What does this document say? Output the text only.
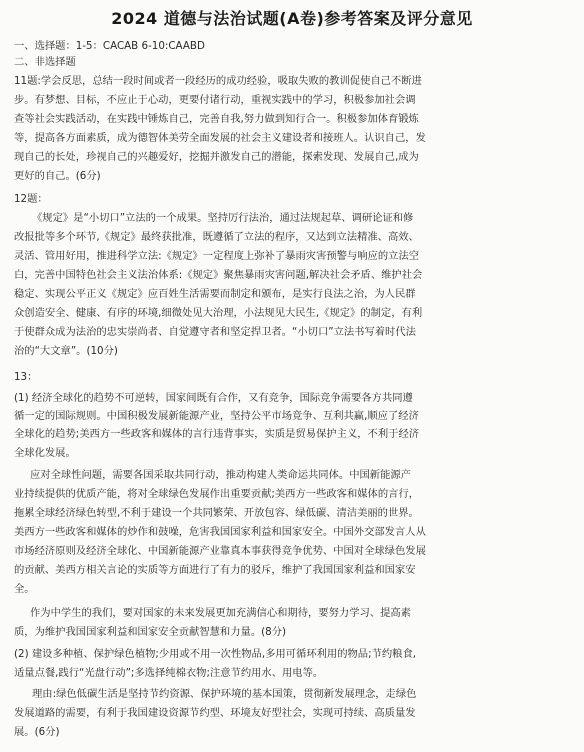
2024 道德与法治试题(A卷)参考答案及评分意见
一、选择题：1-5：CACAB 6-10:CAABD
二、非选择题
11题:学会反思，总结一段时间或者一段经历的成功经验，吸取失败的教训促使自己不断进
步。有梦想、目标，不应止于心动，更要付诸行动，重视实践中的学习，积极参加社会调
查等社会实践活动，在实践中锤炼自己，完善自我,努力做到知行合一。积极参加体育锻炼
等，提高各方面素质，成为德智体美劳全面发展的社会主义建设者和接班人。认识自己，发
现自己的长处，珍视自己的兴趣爱好，挖掘并激发自己的潜能，探索发现、发展自己,成为
更好的自己。(6分)
12题：
《规定》是“小切口”立法的一个成果。坚持厉行法治，通过法规起草、调研论证和修
改报批等多个环节,《规定》最终获批准，既遵循了立法的程序，又达到立法精准、高效、
灵活、管用好用，推进科学立法:《规定》一定程度上弥补了暴雨灾害预警与响应的立法空
白，完善中国特色社会主义法治体系:《规定》聚焦暴雨灾害问题,解决社会矛盾、维护社会
稳定、实现公平正义《规定》应百姓生活需要而制定和颁布，是实行良法之治，为人民群
众创造安全、健康、有序的环境,细微处见大治理，小法规见大民生,《规定》的制定，有利
于使群众成为法治的忠实崇尚者、自觉遵守者和坚定捍卫者。“小切口”立法书写着时代法
治的“大文章”。(10分)
13：
(1) 经济全球化的趋势不可逆转，国家间既有合作，又有竞争，国际竞争需要各方共同遵
循一定的国际规则。中国积极发展新能源产业，坚持公平市场竞争、互利共赢,顺应了经济
全球化的趋势;美西方一些政客和媒体的言行违背事实，实质是贸易保护主义，不利于经济
全球化发展。
应对全球性问题，需要各国采取共同行动，推动构建人类命运共同体。中国新能源产
业持续提供的优质产能，将对全球绿色发展作出重要贡献;美西方一些政客和媒体的言行，
拖累全球经济绿色转型,不利于建设一个共同繁荣、开放包容、绿低碳、清洁美丽的世界。
美西方一些政客和媒体的炒作和鼓噪，危害我国国家利益和国家安全。中国外交部发言人从
市场经济原则及经济全球化、中国新能源产业靠真本事获得竞争优势、中国对全球绿色发展
的贡献、美西方相关言论的实质等方面进行了有力的驳斥，维护了我国国家利益和国家安
全。
作为中学生的我们，要对国家的未来发展更加充满信心和期待，要努力学习、提高素
质，为维护我国国家利益和国家安全贡献智慧和力量。(8分)
(2) 建设多种植、保护绿色植物;少用或不用一次性物品,多用可循环利用的物品;节约粮食,
适量点餐,践行“光盘行动”;多选择纯棉衣物;注意节约用水、用电等。
理由:绿色低碳生活是坚持节约资源、保护环境的基本国策，贯彻新发展理念，走绿色
发展道路的需要，有利于我国建设资源节约型、环境友好型社会，实现可持续、高质量发
展。(6分)
